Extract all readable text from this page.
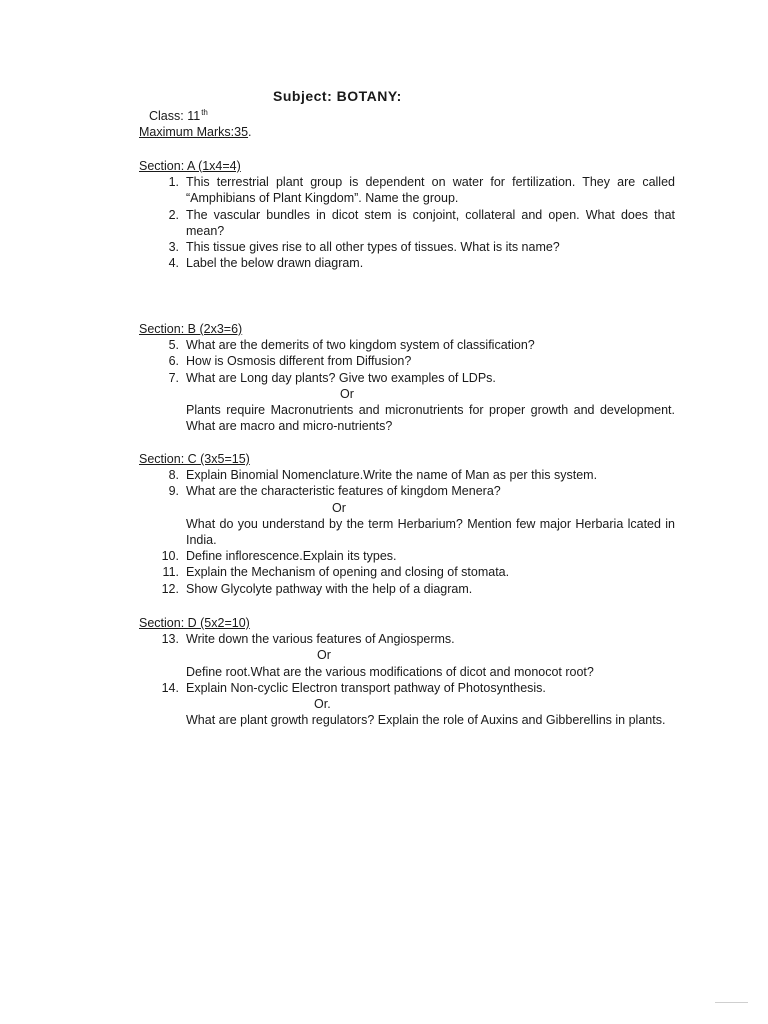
Subject: BOTANY:
Class: 11th
Maximum Marks:35.
Section: A (1x4=4)
1. This terrestrial plant group is dependent on water for fertilization. They are called “Amphibians of Plant Kingdom”. Name the group.
2. The vascular bundles in dicot stem is conjoint, collateral and open. What does that mean?
3. This tissue gives rise to all other types of tissues. What is its name?
4. Label the below drawn diagram.
Section: B (2x3=6)
5. What are the demerits of two kingdom system of classification?
6. How is Osmosis different from Diffusion?
7. What are Long day plants? Give two examples of LDPs.
Or
Plants require Macronutrients and micronutrients for proper growth and development. What are macro and micro-nutrients?
Section: C (3x5=15)
8. Explain Binomial Nomenclature.Write the name of Man as per this system.
9. What are the characteristic features of kingdom Menera?
Or
What do you understand by the term Herbarium? Mention few major Herbaria lcated in India.
10. Define inflorescence.Explain its types.
11. Explain the Mechanism of opening and closing of stomata.
12. Show Glycolyte pathway with the help of a diagram.
Section: D (5x2=10)
13. Write down the various features of Angiosperms.
Or
Define root.What are the various modifications of dicot and monocot root?
14. Explain Non-cyclic Electron transport pathway of Photosynthesis.
Or.
What are plant growth regulators? Explain the role of Auxins and Gibberellins in plants.
